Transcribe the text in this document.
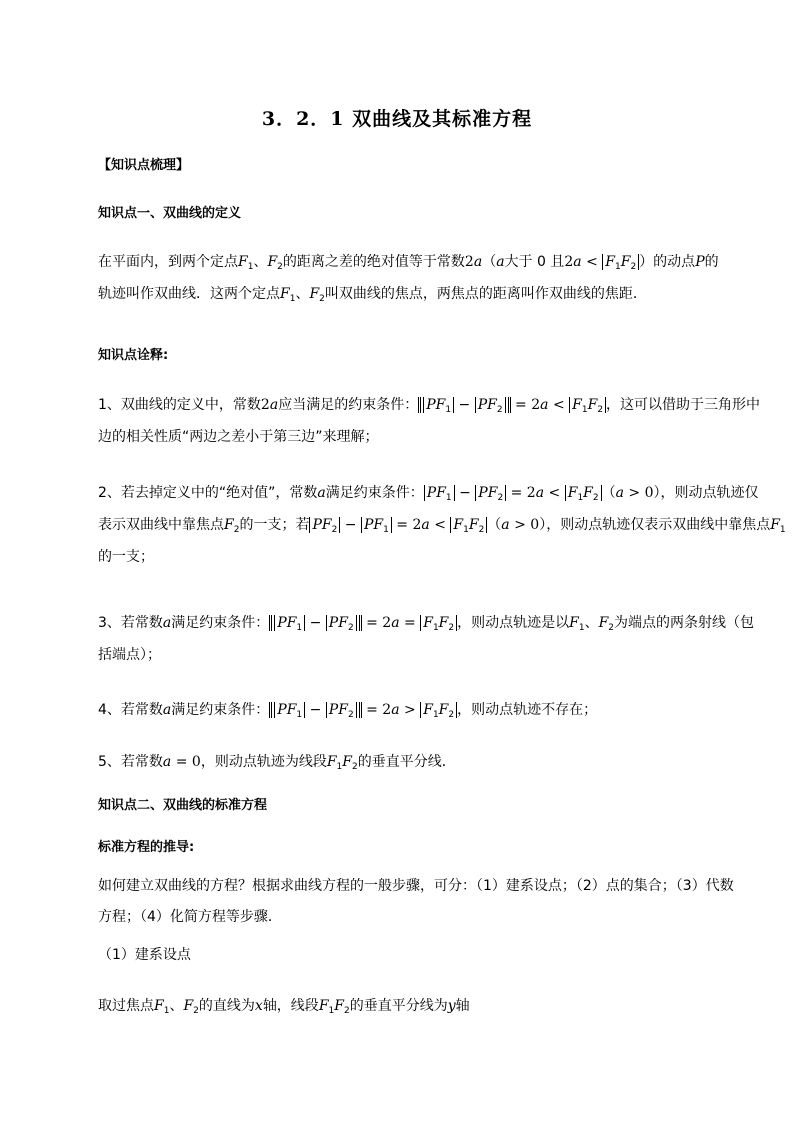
3．2．1 双曲线及其标准方程
【知识点梳理】
知识点一、双曲线的定义
在平面内，到两个定点$F_1$、$F_2$的距离之差的绝对值等于常数2a（a大于 0 且$2a < F_1F_2$ ）的动点P的
轨迹叫作双曲线．这两个定点$F_1$、$F_2$叫双曲线的焦点，两焦点的距离叫作双曲线的焦距．
知识点诠释:
1、双曲线的定义中，常数2a应当满足的约束条件： $PF_1 - PF_2 = 2a < F_1F_2$ ，这可以借助于三角形中
边的相关性质“两边之差小于第三边”来理解；
2、若去掉定义中的“绝对值”，常数a满足约束条件： $PF_1 - PF_2 = 2a < F_1F_2$ （a > 0），则动点轨迹仅
表示双曲线中靠焦点$F_2$的一支；若 $PF_2 - PF_1 = 2a < F_1F_2$ （a > 0），则动点轨迹仅表示双曲线中靠焦点$F_1$
的一支；
3、若常数a满足约束条件： $PF_1 - PF_2 = 2a = F_1F_2$ ，则动点轨迹是以$F_1$、$F_2$为端点的两条射线（包
括端点）；
4、若常数a满足约束条件： $PF_1 - PF_2 = 2a > F_1F_2$ ，则动点轨迹不存在；
5、若常数a = 0，则动点轨迹为线段$F_1F_2$的垂直平分线．
知识点二、双曲线的标准方程
标准方程的推导:
如何建立双曲线的方程？根据求曲线方程的一般步骤，可分：（1）建系设点；（2）点的集合；（3）代数方程；（4）化简方程等步骤．
（1）建系设点
取过焦点$F_1$、$F_2$的直线为x轴，线段$F_1F_2$的垂直平分线为y轴
